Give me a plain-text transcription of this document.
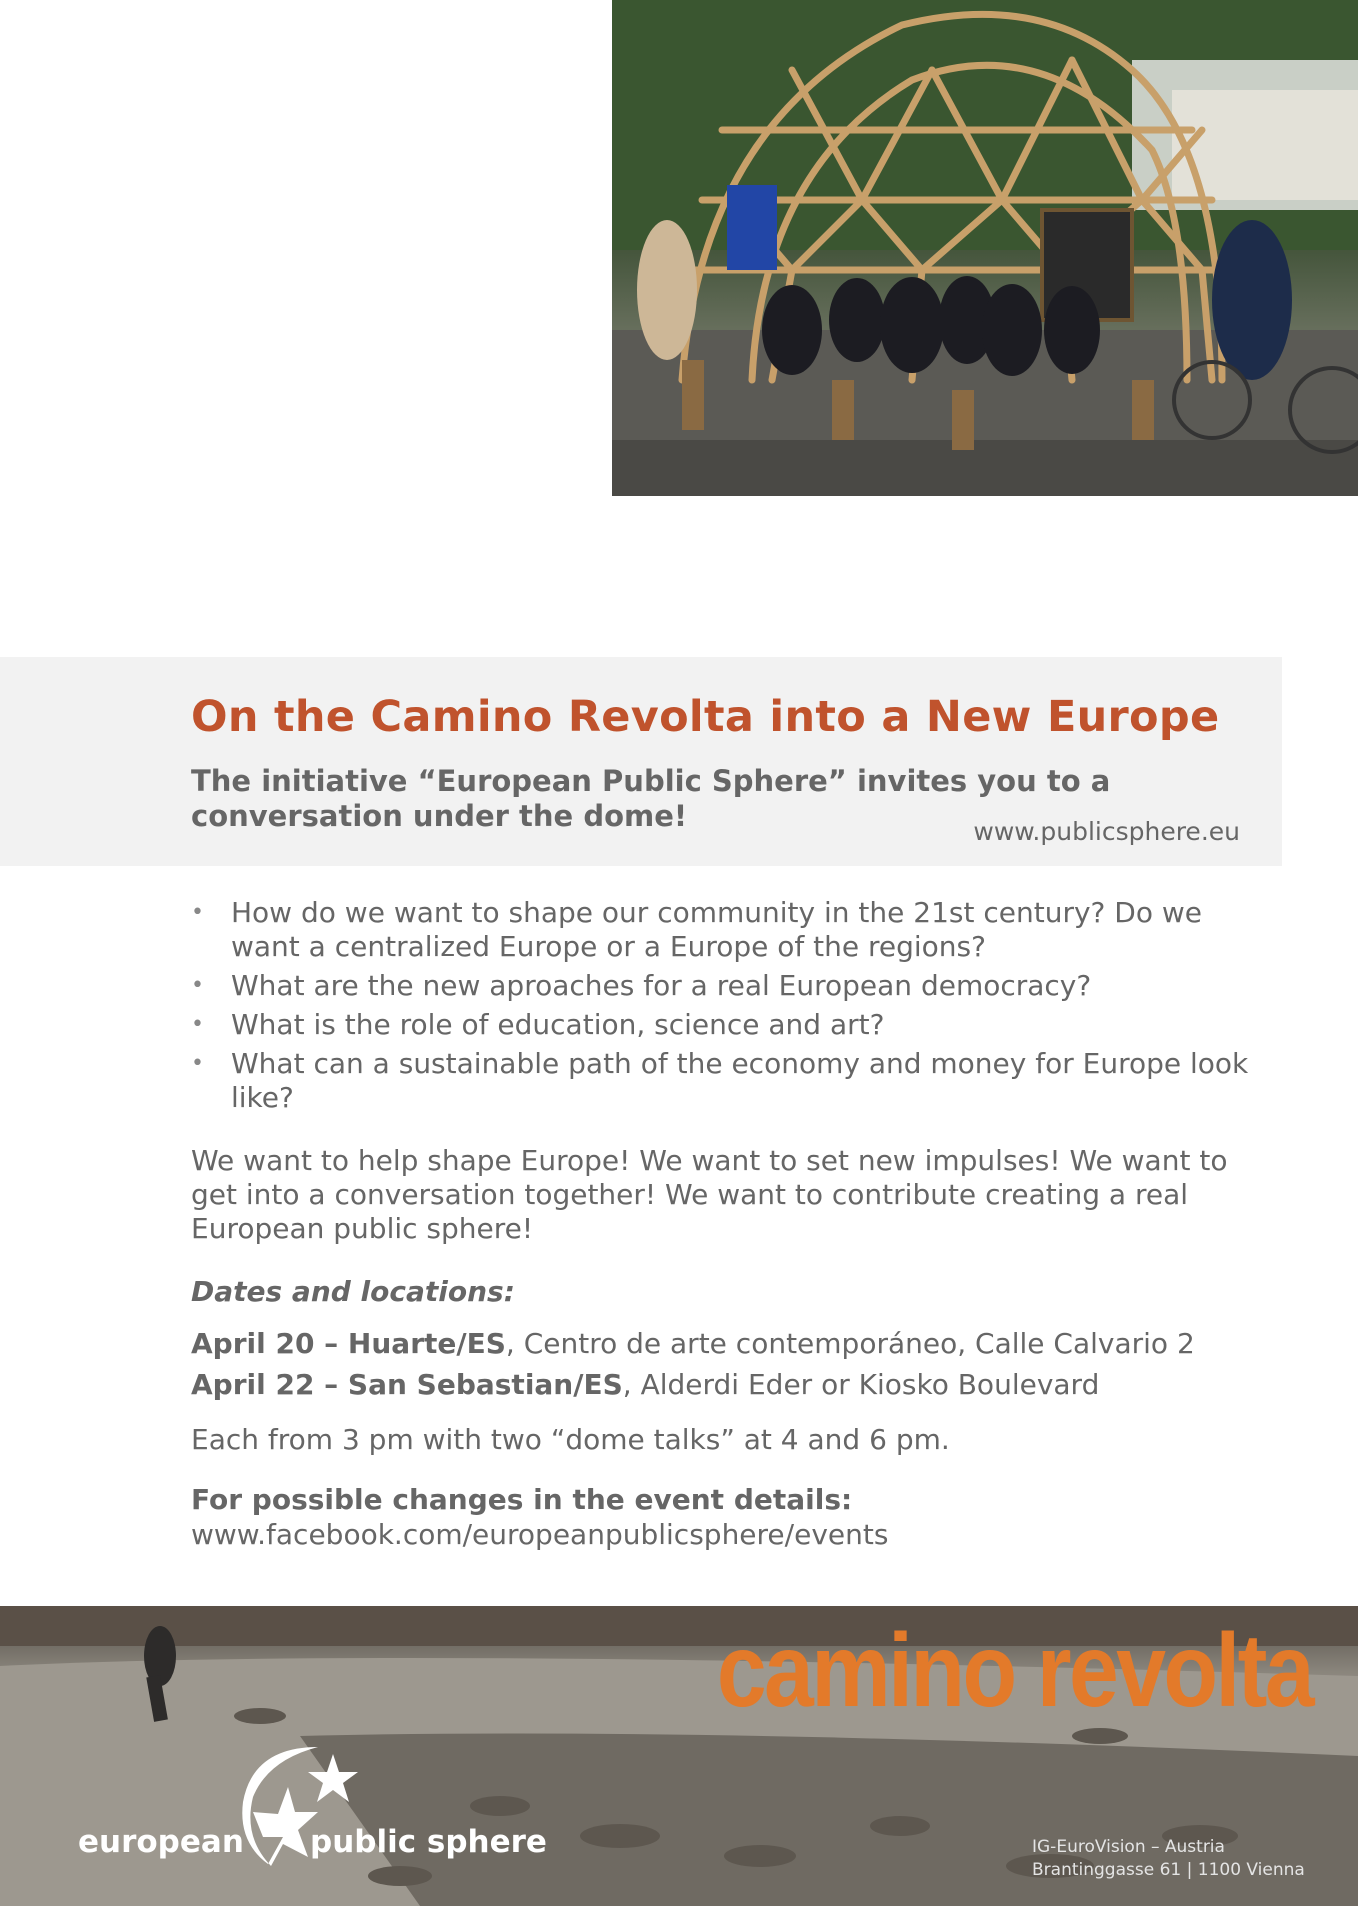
On the Camino Revolta into a New Europe

The initiative “European Public Sphere” invites you to a conversation under the dome!	www.publicsphere.eu
• How do we want to shape our community in the 21st century? Do we want a centralized Europe or a Europe of the regions?
• What are the new aproaches for a real European democracy?
• What is the role of education, science and art?
• What can a sustainable path of the economy and money for Europe look like?

We want to help shape Europe! We want to set new impulses! We want to get into a conversation together! We want to contribute creating a real European public sphere!

Dates and locations:

April 20 – Huarte/ES, Centro de arte contemporáneo, Calle Calvario 2

April 22 – San Sebastian/ES, Alderdi Eder or Kiosko Boulevard

Each from 3 pm with two “dome talks” at 4 and 6 pm.

For possible changes in the event details:

www.facebook.com/europeanpublicsphere/events

camino revolta
european public sphere	IG-EuroVision – Austria
Brantinggasse 61 | 1100 Vienna
